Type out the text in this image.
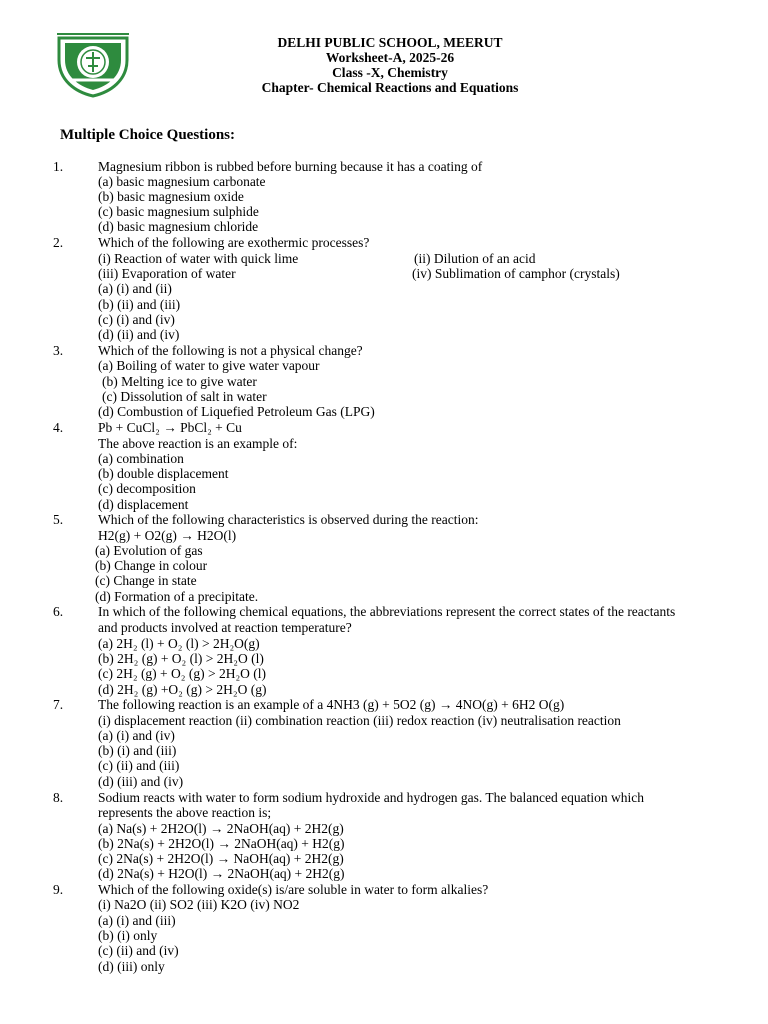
DELHI PUBLIC SCHOOL, MEERUT
Worksheet-A, 2025-26
Class -X, Chemistry
Chapter- Chemical Reactions and Equations
Multiple Choice Questions:
1.	Magnesium ribbon is rubbed before burning because it has a coating of
(a) basic magnesium carbonate
(b) basic magnesium oxide
(c) basic magnesium sulphide
(d) basic magnesium chloride
2.	Which of the following are exothermic processes?
(i) Reaction of water with quick lime	(ii) Dilution of an acid
(iii) Evaporation of water	(iv) Sublimation of camphor (crystals)
(a) (i) and (ii)
(b) (ii) and (iii)
(c) (i) and (iv)
(d) (ii) and (iv)
3.	Which of the following is not a physical change?
(a) Boiling of water to give water vapour
(b) Melting ice to give water
(c) Dissolution of salt in water
(d) Combustion of Liquefied Petroleum Gas (LPG)
4.	Pb + CuCl₂ → PbCl₂ + Cu
The above reaction is an example of:
(a) combination
(b) double displacement
(c) decomposition
(d) displacement
5.	Which of the following characteristics is observed during the reaction:
H2(g) + O2(g) → H2O(l)
(a) Evolution of gas
(b) Change in colour
(c) Change in state
(d) Formation of a precipitate.
6.	In which of the following chemical equations, the abbreviations represent the correct states of the reactants
and products involved at reaction temperature?
(a) 2H₂ (l) + O₂ (l) > 2H₂O(g)
(b) 2H₂ (g) + O₂ (l) > 2H₂O (l)
(c) 2H₂ (g) + O₂ (g) > 2H₂O (l)
(d) 2H₂ (g) +O₂ (g) > 2H₂O (g)
7.	The following reaction is an example of a 4NH3 (g) + 5O2 (g) → 4NO(g) + 6H2 O(g)
(i) displacement reaction (ii) combination reaction (iii) redox reaction (iv) neutralisation reaction
(a) (i) and (iv)
(b) (i) and (iii)
(c) (ii) and (iii)
(d) (iii) and (iv)
8.	Sodium reacts with water to form sodium hydroxide and hydrogen gas. The balanced equation which
represents the above reaction is;
(a) Na(s) + 2H2O(l) → 2NaOH(aq) + 2H2(g)
(b) 2Na(s) + 2H2O(l) → 2NaOH(aq) + H2(g)
(c) 2Na(s) + 2H2O(l) → NaOH(aq) + 2H2(g)
(d) 2Na(s) + H2O(l) → 2NaOH(aq) + 2H2(g)
9.	Which of the following oxide(s) is/are soluble in water to form alkalies?
(i) Na2O (ii) SO2 (iii) K2O (iv) NO2
(a) (i) and (iii)
(b) (i) only
(c) (ii) and (iv)
(d) (iii) only
